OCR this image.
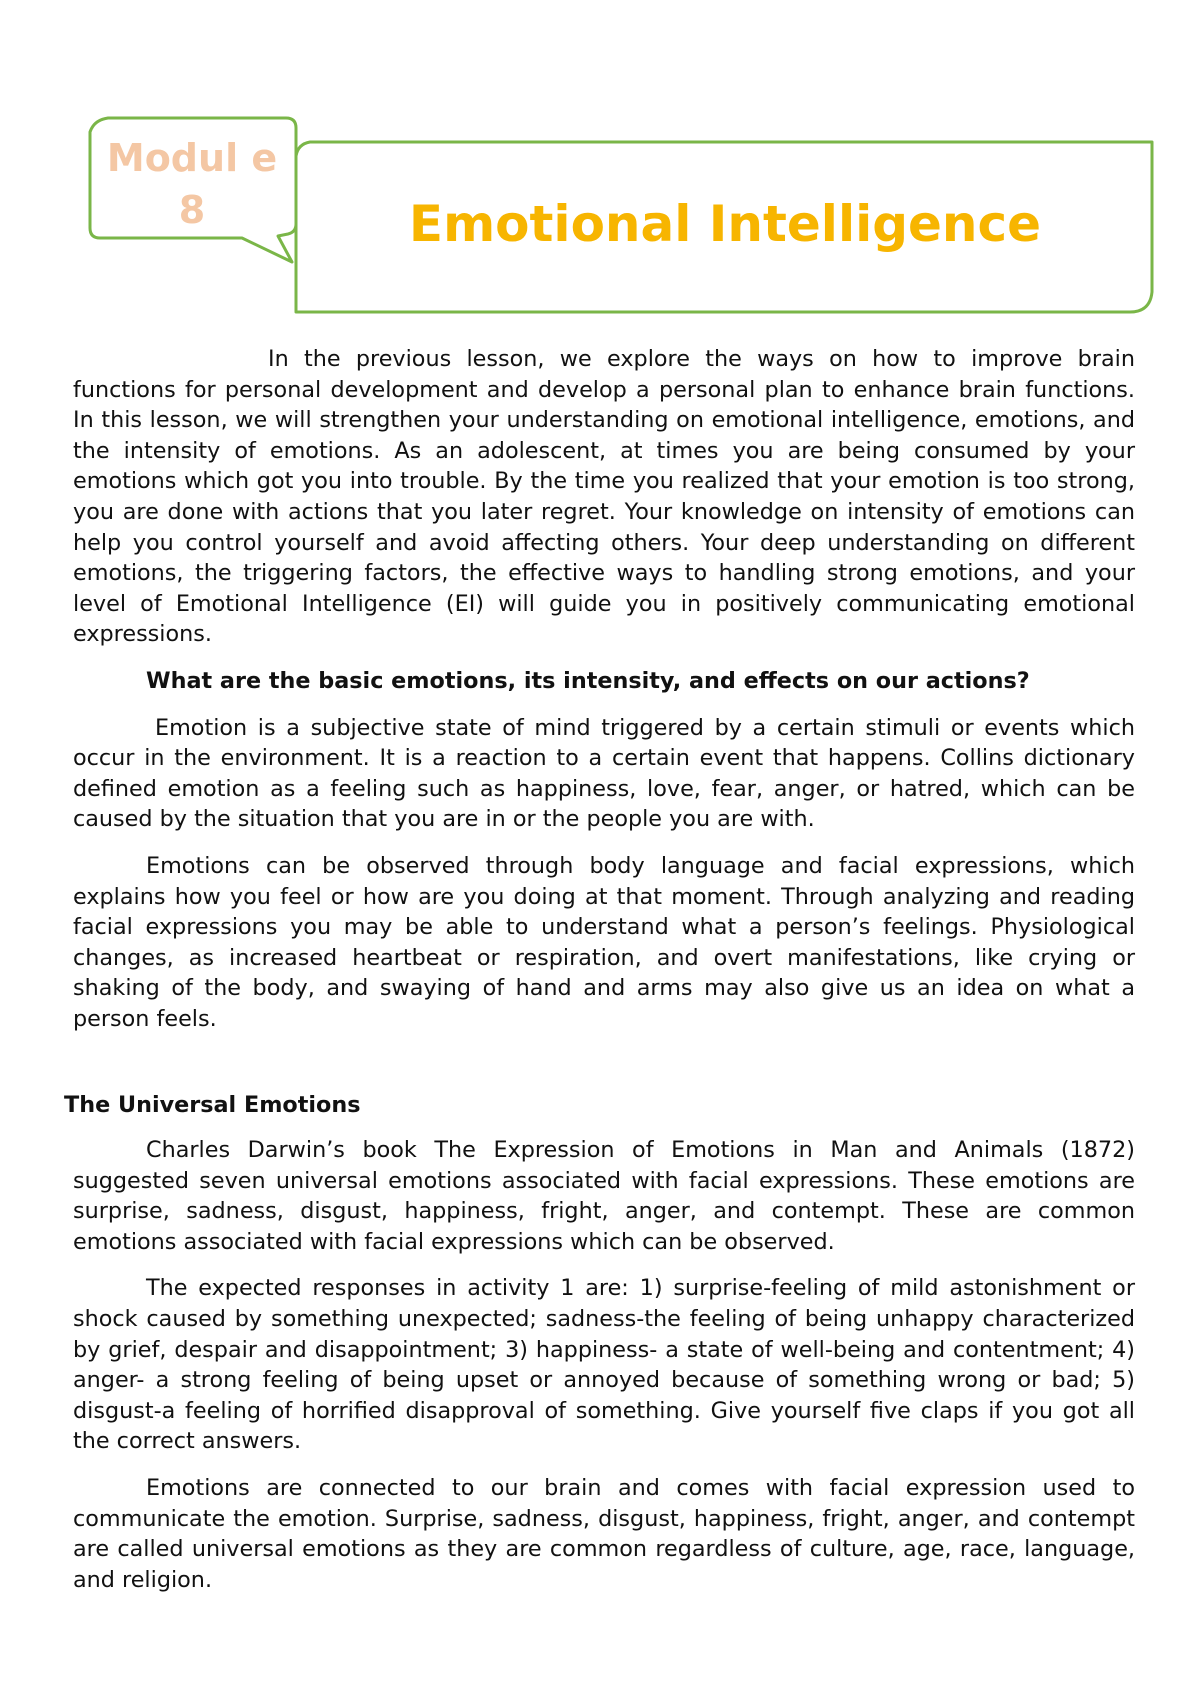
Modul e 8	Emotional Intelligence

In the previous lesson, we explore the ways on how to improve brain functions for personal development and develop a personal plan to enhance brain functions. In this lesson, we will strengthen your understanding on emotional intelligence, emotions, and the intensity of emotions. As an adolescent, at times you are being consumed by your emotions which got you into trouble. By the time you realized that your emotion is too strong, you are done with actions that you later regret. Your knowledge on intensity of emotions can help you control yourself and avoid affecting others. Your deep understanding on different emotions, the triggering factors, the effective ways to handling strong emotions, and your level of Emotional Intelligence (EI) will guide you in positively communicating emotional expressions.

What are the basic emotions, its intensity, and effects on our actions?

Emotion is a subjective state of mind triggered by a certain stimuli or events which occur in the environment. It is a reaction to a certain event that happens. Collins dictionary defined emotion as a feeling such as happiness, love, fear, anger, or hatred, which can be caused by the situation that you are in or the people you are with.

Emotions can be observed through body language and facial expressions, which explains how you feel or how are you doing at that moment. Through analyzing and reading facial expressions you may be able to understand what a person’s feelings. Physiological changes, as increased heartbeat or respiration, and overt manifestations, like crying or shaking of the body, and swaying of hand and arms may also give us an idea on what a person feels.

The Universal Emotions

Charles Darwin’s book The Expression of Emotions in Man and Animals (1872) suggested seven universal emotions associated with facial expressions. These emotions are surprise, sadness, disgust, happiness, fright, anger, and contempt. These are common emotions associated with facial expressions which can be observed.

The expected responses in activity 1 are: 1) surprise-feeling of mild astonishment or shock caused by something unexpected; sadness-the feeling of being unhappy characterized by grief, despair and disappointment; 3) happiness- a state of well-being and contentment; 4) anger- a strong feeling of being upset or annoyed because of something wrong or bad; 5) disgust-a feeling of horrified disapproval of something. Give yourself five claps if you got all the correct answers.

Emotions are connected to our brain and comes with facial expression used to communicate the emotion. Surprise, sadness, disgust, happiness, fright, anger, and contempt are called universal emotions as they are common regardless of culture, age, race, language, and religion.
